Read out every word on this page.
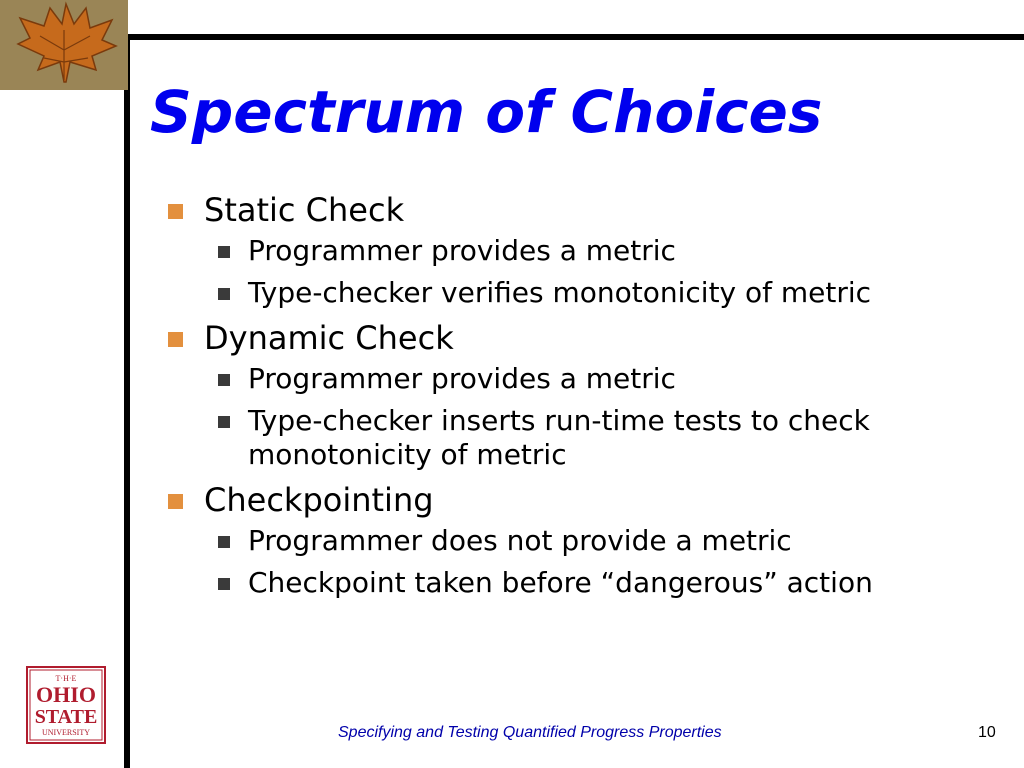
Spectrum of Choices
Static Check
Programmer provides a metric
Type-checker verifies monotonicity of metric
Dynamic Check
Programmer provides a metric
Type-checker inserts run-time tests to check monotonicity of metric
Checkpointing
Programmer does not provide a metric
Checkpoint taken before “dangerous” action
T·H·E
OHIO
STATE
UNIVERSITY	Specifying and Testing Quantified Progress Properties	10
